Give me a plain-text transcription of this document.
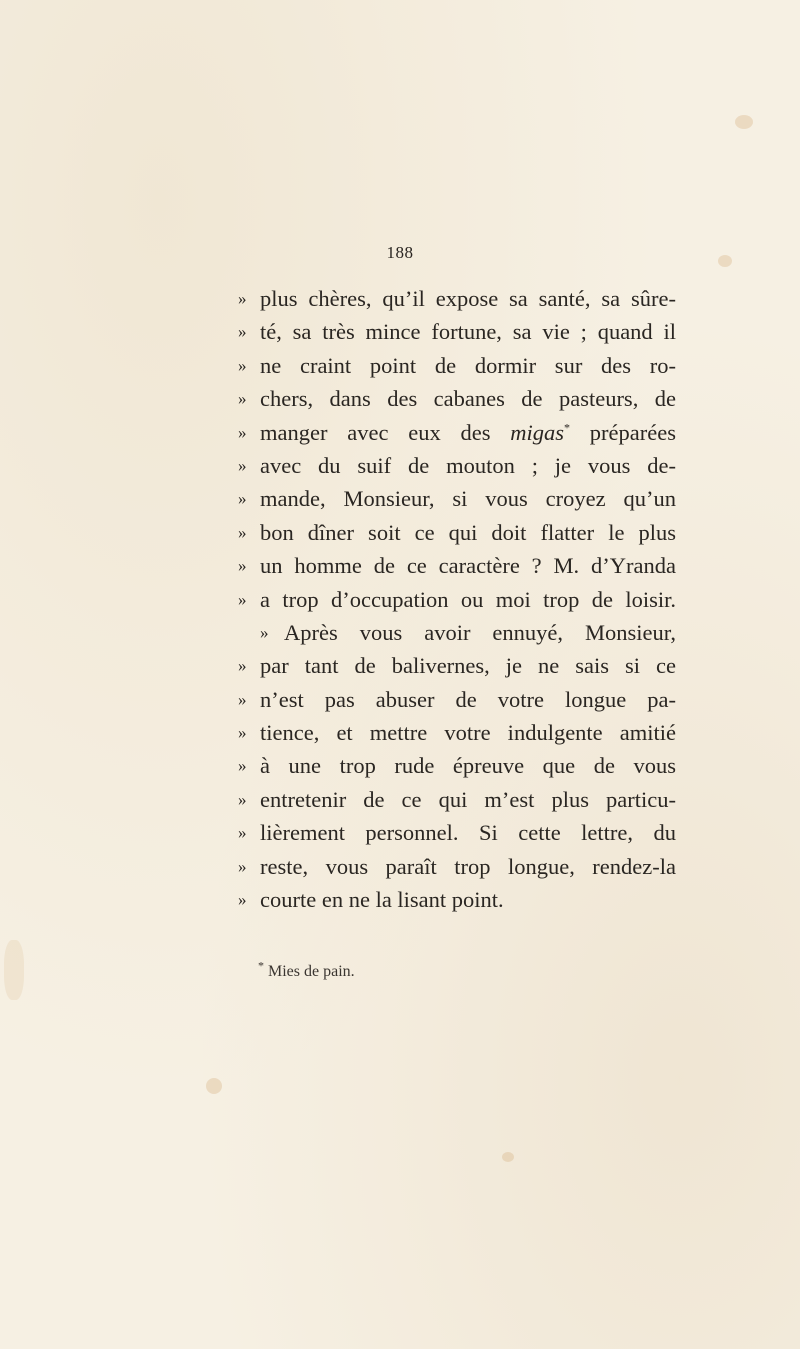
188
» plus chères, qu’il expose sa santé, sa sûre-
» té, sa très mince fortune, sa vie ; quand il
» ne craint point de dormir sur des ro-
» chers, dans des cabanes de pasteurs, de
» manger avec eux des migas* préparées
» avec du suif de mouton ; je vous de-
» mande, Monsieur, si vous croyez qu’un
» bon dîner soit ce qui doit flatter le plus
» un homme de ce caractère ? M. d’Yranda
» a trop d’occupation ou moi trop de loisir.
» Après vous avoir ennuyé, Monsieur,
» par tant de balivernes, je ne sais si ce
» n’est pas abuser de votre longue pa-
» tience, et mettre votre indulgente amitié
» à une trop rude épreuve que de vous
» entretenir de ce qui m’est plus particu-
» lièrement personnel. Si cette lettre, du
» reste, vous paraît trop longue, rendez-la
» courte en ne la lisant point.
* Mies de pain.
